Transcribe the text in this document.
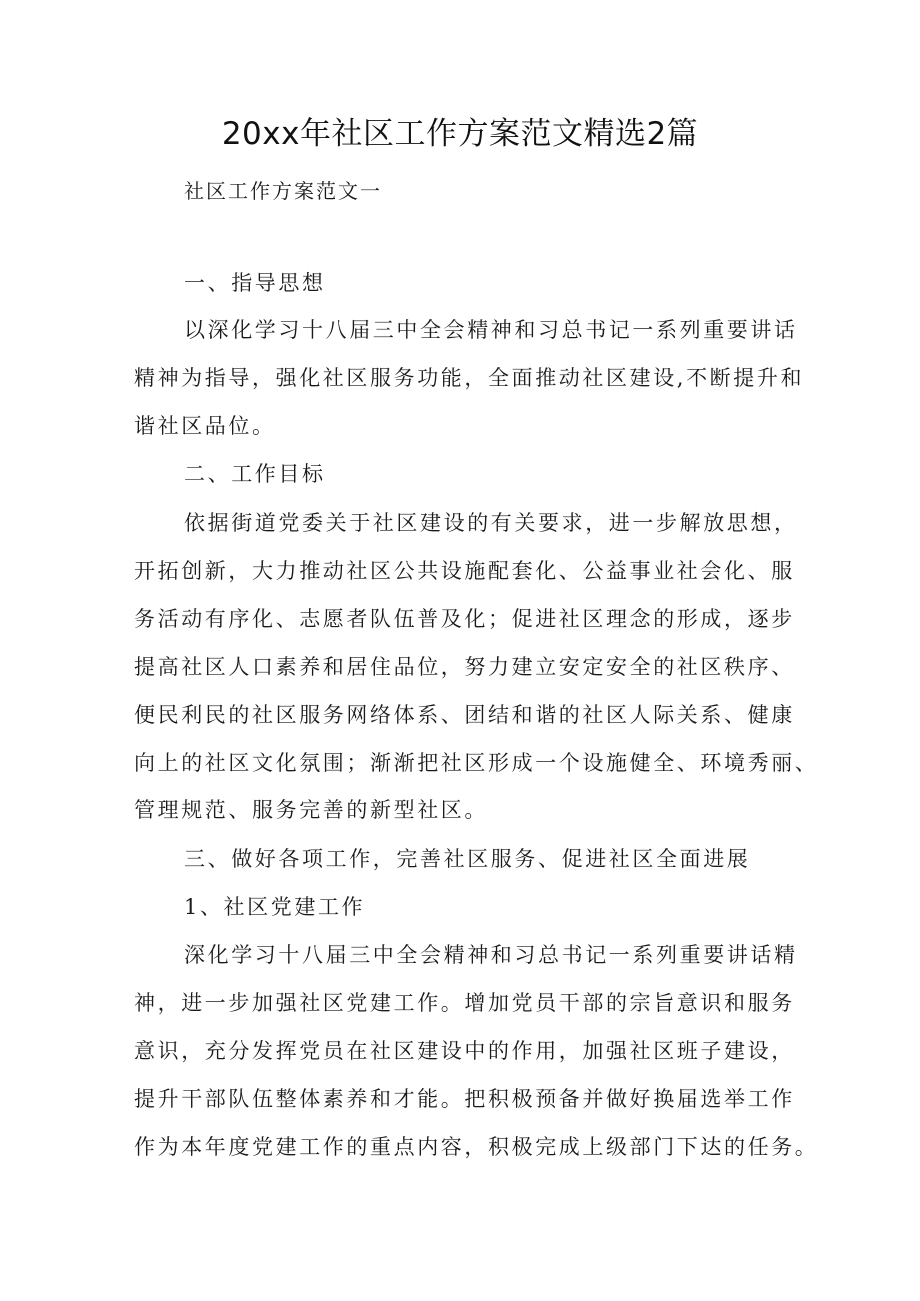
20xx年社区工作方案范文精选2篇
社区工作方案范文一
一、指导思想
以深化学习十八届三中全会精神和习总书记一系列重要讲话
精神为指导，强化社区服务功能，全面推动社区建设,不断提升和
谐社区品位。
二、工作目标
依据街道党委关于社区建设的有关要求，进一步解放思想，
开拓创新，大力推动社区公共设施配套化、公益事业社会化、服
务活动有序化、志愿者队伍普及化；促进社区理念的形成，逐步
提高社区人口素养和居住品位，努力建立安定安全的社区秩序、
便民利民的社区服务网络体系、团结和谐的社区人际关系、健康
向上的社区文化氛围；渐渐把社区形成一个设施健全、环境秀丽、
管理规范、服务完善的新型社区。
三、做好各项工作，完善社区服务、促进社区全面进展
1、社区党建工作
深化学习十八届三中全会精神和习总书记一系列重要讲话精
神，进一步加强社区党建工作。增加党员干部的宗旨意识和服务
意识，充分发挥党员在社区建设中的作用，加强社区班子建设，
提升干部队伍整体素养和才能。把积极预备并做好换届选举工作
作为本年度党建工作的重点内容，积极完成上级部门下达的任务。
